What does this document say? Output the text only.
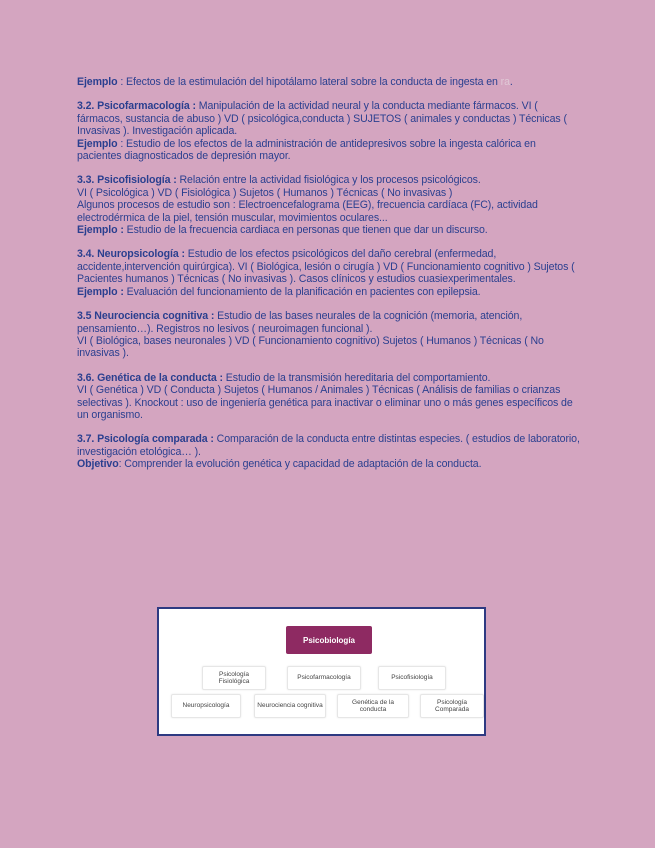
Ejemplo : Efectos de la estimulación del hipotálamo lateral sobre la conducta de ingesta en ra.

3.2. Psicofarmacología : Manipulación de la actividad neural y la conducta mediante fármacos. VI ( fármacos, sustancia de abuso ) VD ( psicológica,conducta ) SUJETOS ( animales y conductas ) Técnicas ( Invasivas ). Investigación aplicada.

Ejemplo : Estudio de los efectos de la administración de antidepresivos sobre la ingesta calórica en pacientes diagnosticados de depresión mayor.

3.3. Psicofisiología : Relación entre la actividad fisiológica y los procesos psicológicos.

VI ( Psicológica ) VD ( Fisiológica ) Sujetos ( Humanos ) Técnicas ( No invasivas )

Algunos procesos de estudio son : Electroencefalograma (EEG), frecuencia cardíaca (FC), actividad electrodérmica de la piel, tensión muscular, movimientos oculares...

Ejemplo : Estudio de la frecuencia cardiaca en personas que tienen que dar un discurso.

3.4. Neuropsicología : Estudio de los efectos psicológicos del daño cerebral (enfermedad, accidente,intervención quirúrgica). VI ( Biológica, lesión o cirugía ) VD ( Funcionamiento cognitivo ) Sujetos ( Pacientes humanos ) Técnicas ( No invasivas ). Casos clínicos y estudios cuasiexperimentales.

Ejemplo : Evaluación del funcionamiento de la planificación en pacientes con epilepsia.

3.5 Neurociencia cognitiva : Estudio de las bases neurales de la cognición (memoria, atención, pensamiento…). Registros no lesivos ( neuroimagen funcional ).

VI ( Biológica, bases neuronales ) VD ( Funcionamiento cognitivo) Sujetos ( Humanos ) Técnicas ( No invasivas ).

3.6. Genética de la conducta : Estudio de la transmisión hereditaria del comportamiento.

VI ( Genética ) VD ( Conducta ) Sujetos ( Humanos / Animales ) Técnicas ( Análisis de familias o crianzas selectivas ). Knockout : uso de ingeniería genética para inactivar o eliminar uno o más genes específicos de un organismo.

3.7. Psicología comparada : Comparación de la conducta entre distintas especies. ( estudios de laboratorio, investigación etológica… ).

Objetivo: Comprender la evolución genética y capacidad de adaptación de la conducta.

Psicobiología
Psicología Fisiológica
Psicofarmacología	Psicofisiología
Neuropsicología	Neurociencia cognitiva
Genética de la conducta
Psicología Comparada
